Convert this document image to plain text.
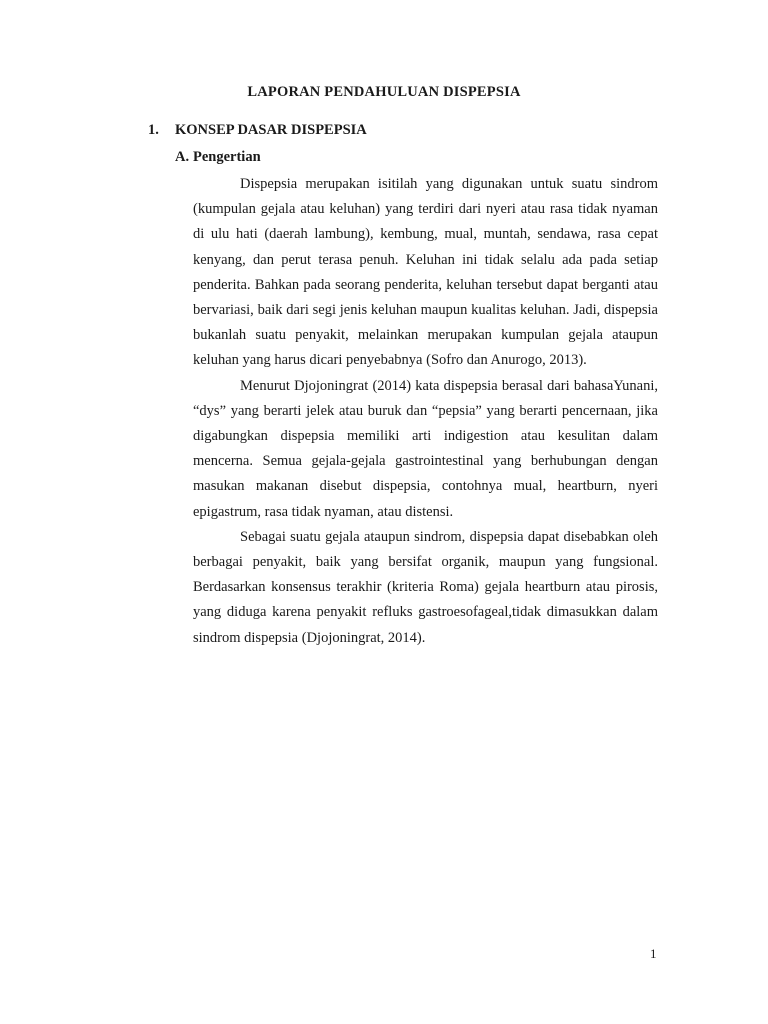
LAPORAN PENDAHULUAN DISPEPSIA
1. KONSEP DASAR DISPEPSIA
A. Pengertian

Dispepsia merupakan isitilah yang digunakan untuk suatu sindrom (kumpulan gejala atau keluhan) yang terdiri dari nyeri atau rasa tidak nyaman di ulu hati (daerah lambung), kembung, mual, muntah, sendawa, rasa cepat kenyang, dan perut terasa penuh. Keluhan ini tidak selalu ada pada setiap penderita. Bahkan pada seorang penderita, keluhan tersebut dapat berganti atau bervariasi, baik dari segi jenis keluhan maupun kualitas keluhan. Jadi, dispepsia bukanlah suatu penyakit, melainkan merupakan kumpulan gejala ataupun keluhan yang harus dicari penyebabnya (Sofro dan Anurogo, 2013).

Menurut Djojoningrat (2014) kata dispepsia berasal dari bahasaYunani, “dys” yang berarti jelek atau buruk dan “pepsia” yang berarti pencernaan, jika digabungkan dispepsia memiliki arti indigestion atau kesulitan dalam mencerna. Semua gejala-gejala gastrointestinal yang berhubungan dengan masukan makanan disebut dispepsia, contohnya mual, heartburn, nyeri epigastrum, rasa tidak nyaman, atau distensi.

Sebagai suatu gejala ataupun sindrom, dispepsia dapat disebabkan oleh berbagai penyakit, baik yang bersifat organik, maupun yang fungsional. Berdasarkan konsensus terakhir (kriteria Roma) gejala heartburn atau pirosis, yang diduga karena penyakit refluks gastroesofageal,tidak dimasukkan dalam sindrom dispepsia (Djojoningrat, 2014).

1
